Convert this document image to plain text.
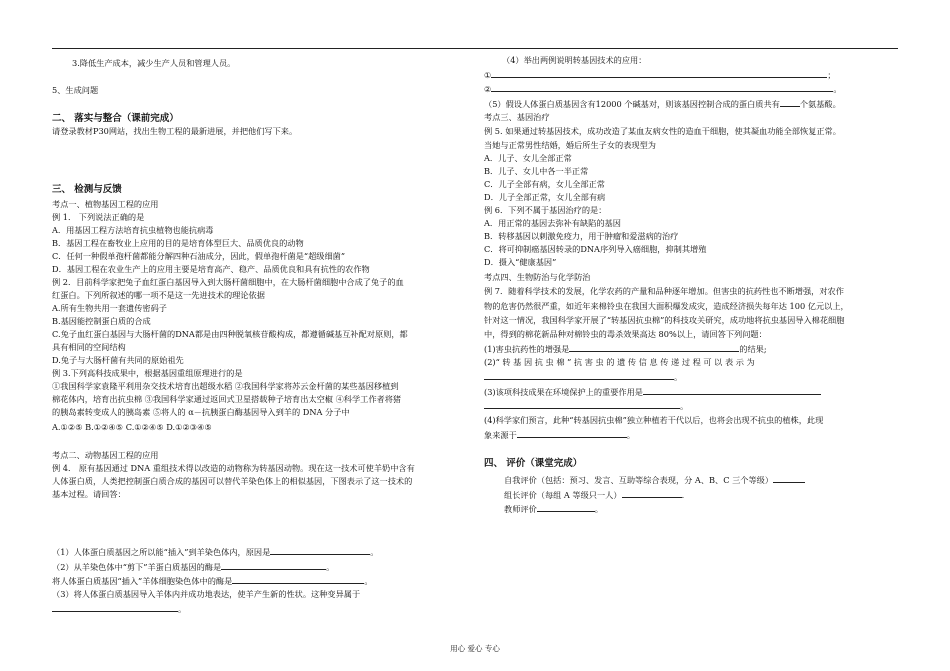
3.降低生产成本，减少生产人员和管理人员。
5、生成问题
二、 落实与整合（课前完成）
请登录教材P30网站，找出生物工程的最新进展，并把他们写下来。
三、 检测与反馈
考点一、植物基因工程的应用
例 1． 下列说法正确的是
A．用基因工程方法培育抗虫植物也能抗病毒
B．基因工程在畜牧业上应用的目的是培育体型巨大、品质优良的动物
C．任何一种假单孢杆菌都能分解四种石油成分，因此，假单孢杆菌是“超级细菌”
D．基因工程在农业生产上的应用主要是培育高产、稳产、品质优良和具有抗性的农作物
例 2．目前科学家把兔子血红蛋白基因导入到大肠杆菌细胞中，在大肠杆菌细胞中合成了兔子的血
红蛋白。下列所叙述的哪一项不是这一先进技术的理论依据
A.所有生物共用一套遗传密码子
B.基因能控制蛋白质的合成
C.兔子血红蛋白基因与大肠杆菌的DNA都是由四种脱氧核苷酸构成，都遵循碱基互补配对原则，都
具有相同的空间结构
D.兔子与大肠杆菌有共同的原始祖先
例 3.下列高科技成果中，根据基因重组原理进行的是
①我国科学家袁隆平利用杂交技术培育出超级水稻 ②我国科学家将苏云金杆菌的某些基因移植到
棉花体内，培育出抗虫棉 ③我国科学家通过返回式卫星搭载种子培育出太空椒 ④科学工作者将猪
的胰岛素转变成人的胰岛素 ⑤将人的 α－抗胰蛋白酶基因导入到羊的 DNA 分子中
A.①②⑤ B.①②④⑤ C.①②④⑤ D.①②③④⑤
考点二、动物基因工程的应用
例 4． 原有基因通过 DNA 重组技术得以改造的动物称为转基因动物。现在这一技术可使羊奶中含有
人体蛋白质，人类把控制蛋白质合成的基因可以替代羊染色体上的相似基因，下图表示了这一技术的
基本过程。请回答：
（1）人体蛋白质基因之所以能“插入”到羊染色体内，原因是	。
（2）从羊染色体中“剪下”羊蛋白质基因的酶是	。
将人体蛋白质基因“插入”羊体细胞染色体中的酶是	。
（3）将人体蛋白质基因导入羊体内并成功地表达，使羊产生新的性状。这种变异属于
。
（4）举出两例说明转基因技术的应用：
①	；
②	。
（5）假设人体蛋白质基因含有12000 个碱基对，则该基因控制合成的蛋白质共有 个氨基酸。
考点三、基因治疗
例 5. 如果通过转基因技术，成功改造了某血友病女性的造血干细胞，使其凝血功能全部恢复正常。
当她与正常男性结婚，婚后所生子女的表现型为
A．儿子、女儿全部正常
B．儿子、女儿中各一半正常
C．儿子全部有病，女儿全部正常
D．儿子全部正常，女儿全部有病
例 6．下列不属于基因治疗的是：
A．用正常的基因去弥补有缺陷的基因
B．转移基因以刺激免疫力，用于肿瘤和爱滋病的治疗
C．将可抑制癌基因转录的DNA序列导入癌细胞，抑制其增殖
D．摄入“健康基因”
考点四、生物防治与化学防治
例 7．随着科学技术的发展，化学农药的产量和品种逐年增加。但害虫的抗药性也不断增强，对农作
物的危害仍然很严重，如近年来棉铃虫在我国大面积爆发成灾，造成经济损失每年达 100 亿元以上，
针对这一情况，我国科学家开展了“转基因抗虫棉”的科技攻关研究，成功地将抗虫基因导入棉花细胞
中，得到的棉花新品种对棉铃虫的毒杀效果高达 80%以上，请回答下列问题：
(1)害虫抗药性的增强是	的结果;
(2)“ 转 基 因 抗 虫 棉 ” 抗 害 虫 的 遗 传 信 息 传 递 过 程 可 以 表 示 为
。
(3)该项科技成果在环境保护上的重要作用是
。
(4)科学家们预言，此种“转基因抗虫棉”独立种植若干代以后，也将会出现不抗虫的植株，此现
象来源于	。
四、 评价（课堂完成）
自我评价（包括：预习、发言、互助等综合表现，分 A、B、C 三个等级）
组长评价（每组 A 等级只一人）	.
教师评价	。
用心 爱心 专心
